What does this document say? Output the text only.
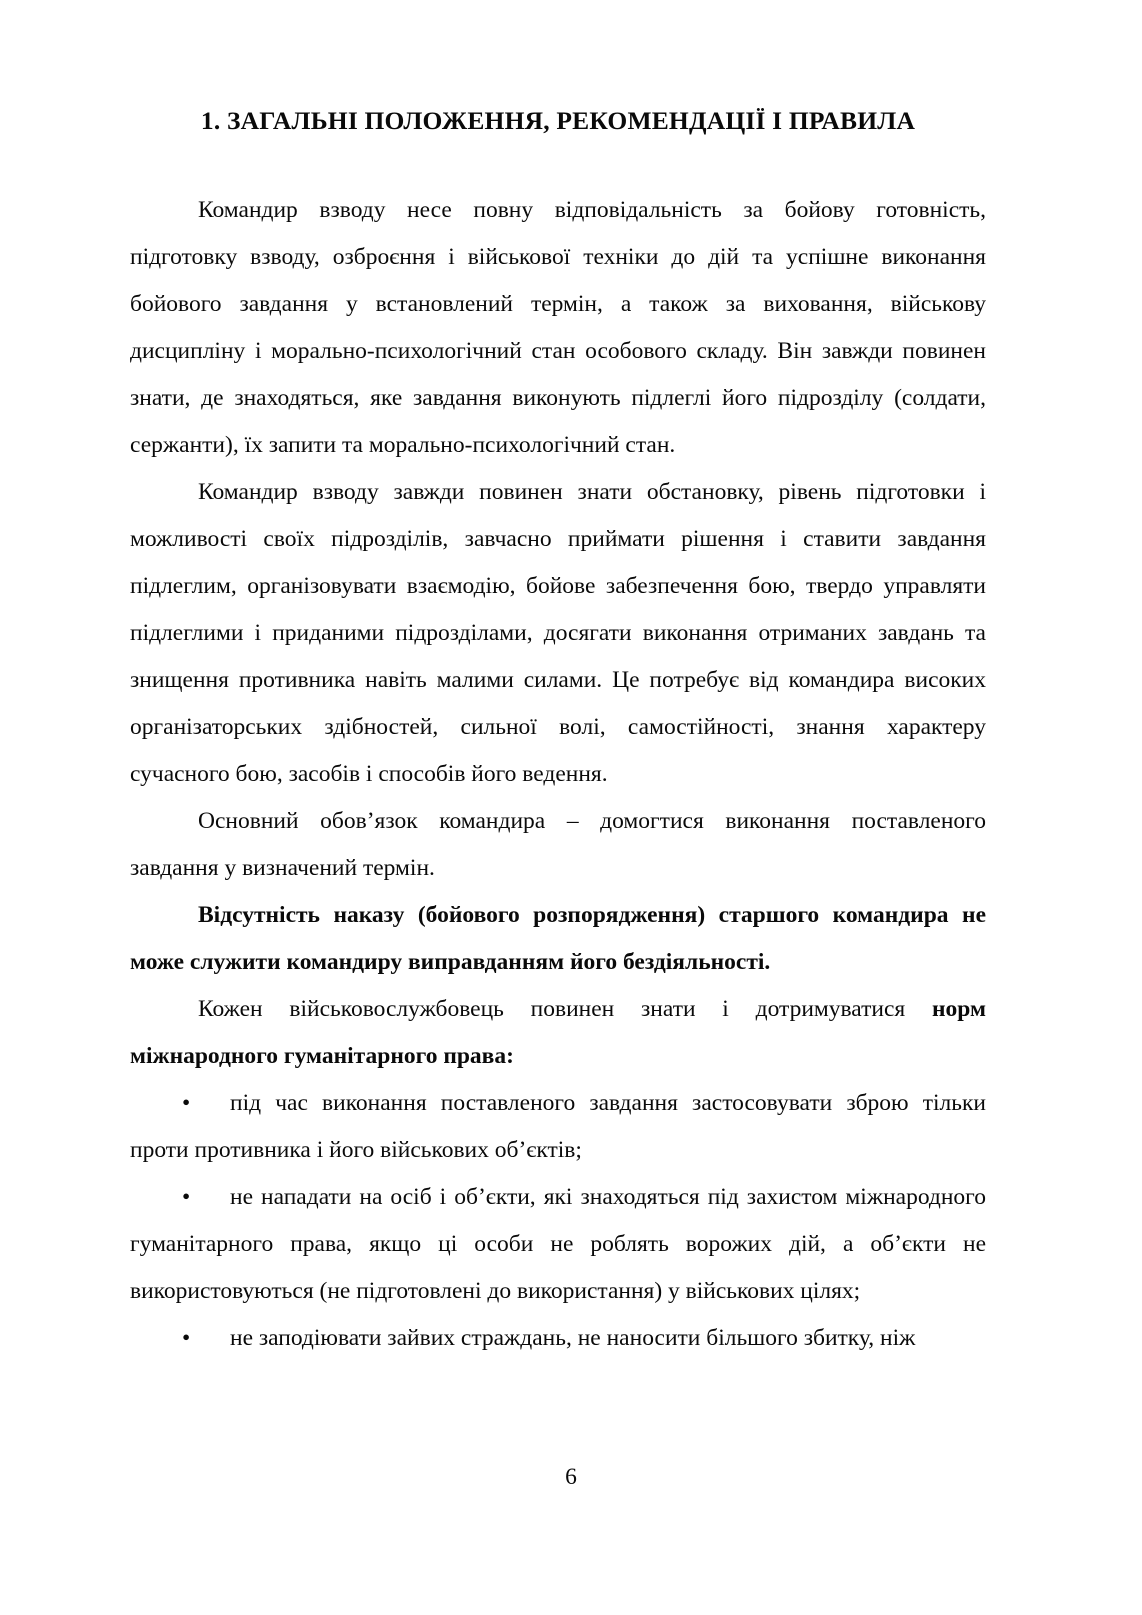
1. ЗАГАЛЬНІ ПОЛОЖЕННЯ, РЕКОМЕНДАЦІЇ І ПРАВИЛА

Командир взводу несе повну відповідальність за бойову готовність, підготовку взводу, озброєння і військової техніки до дій та успішне виконання бойового завдання у встановлений термін, а також за виховання, військову дисципліну і морально-психологічний стан особового складу. Він завжди повинен знати, де знаходяться, яке завдання виконують підлеглі його підрозділу (солдати, сержанти), їх запити та морально-психологічний стан.

Командир взводу завжди повинен знати обстановку, рівень підготовки і можливості своїх підрозділів, завчасно приймати рішення і ставити завдання підлеглим, організовувати взаємодію, бойове забезпечення бою, твердо управляти підлеглими і приданими підрозділами, досягати виконання отриманих завдань та знищення противника навіть малими силами. Це потребує від командира високих організаторських здібностей, сильної волі, самостійності, знання характеру сучасного бою, засобів і способів його ведення.

Основний обов’язок командира – домогтися виконання поставленого завдання у визначений термін.

Відсутність наказу (бойового розпорядження) старшого командира не може служити командиру виправданням його бездіяльності.

Кожен військовослужбовець повинен знати і дотримуватися норм міжнародного гуманітарного права:

• під час виконання поставленого завдання застосовувати зброю тільки проти противника і його військових об’єктів;
• не нападати на осіб і об’єкти, які знаходяться під захистом міжнародного гуманітарного права, якщо ці особи не роблять ворожих дій, а об’єкти не використовуються (не підготовлені до використання) у військових цілях;
• не заподіювати зайвих страждань, не наносити більшого збитку, ніж
6
